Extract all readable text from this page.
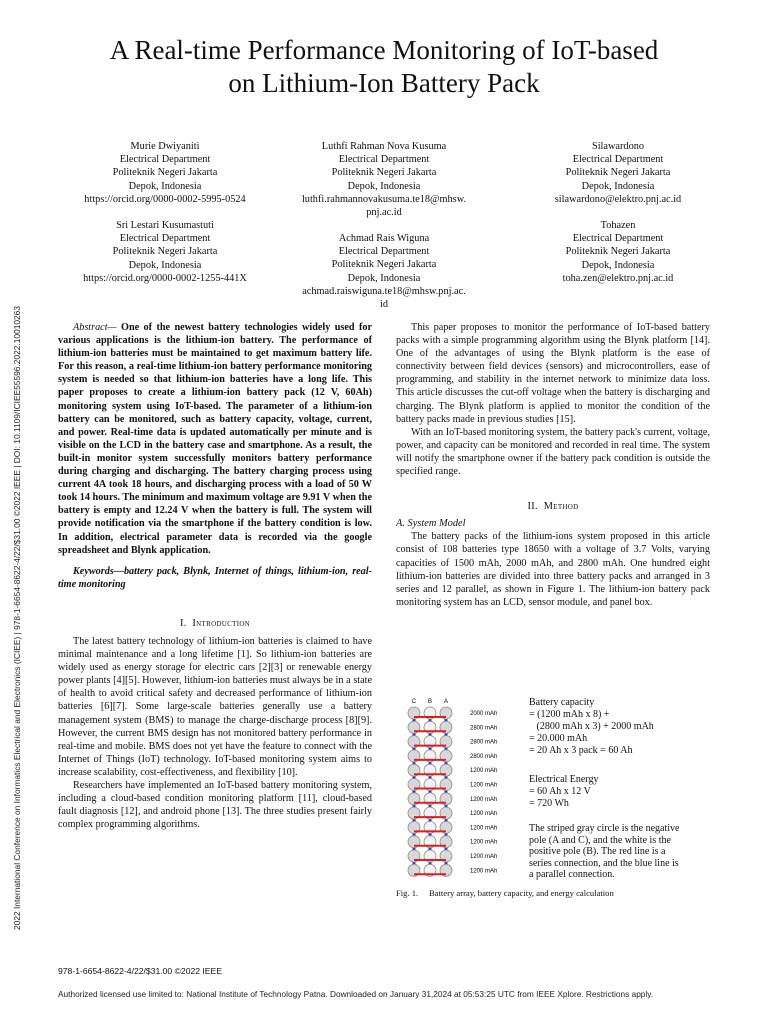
2022 International Conference on Informatics Electrical and Electronics (ICIEE) | 978-1-6654-8622-4/22/$31.00 ©2022 IEEE | DOI: 10.1109/ICIEE55596.2022.10010263
A Real-time Performance Monitoring of IoT-based
on Lithium-Ion Battery Pack
Murie Dwiyaniti
Electrical Department
Politeknik Negeri Jakarta
Depok, Indonesia
https://orcid.org/0000-0002-5995-0524
Luthfi Rahman Nova Kusuma
Electrical Department
Politeknik Negeri Jakarta
Depok, Indonesia
luthfi.rahmannovakusuma.te18@mhsw.
pnj.ac.id
Silawardono
Electrical Department
Politeknik Negeri Jakarta
Depok, Indonesia
silawardono@elektro.pnj.ac.id
Sri Lestari Kusumastuti
Electrical Department
Politeknik Negeri Jakarta
Depok, Indonesia
https://orcid.org/0000-0002-1255-441X
Achmad Rais Wiguna
Electrical Department
Politeknik Negeri Jakarta
Depok, Indonesia
achmad.raiswiguna.te18@mhsw.pnj.ac.
id
Tohazen
Electrical Department
Politeknik Negeri Jakarta
Depok, Indonesia
toha.zen@elektro.pnj.ac.id

Abstract— One of the newest battery technologies widely used for various applications is the lithium-ion battery. The performance of lithium-ion batteries must be maintained to get maximum battery life. For this reason, a real-time lithium-ion battery performance monitoring system is needed so that lithium-ion batteries have a long life. This paper proposes to create a lithium-ion battery pack (12 V, 60Ah) monitoring system using IoT-based. The parameter of a lithium-ion battery can be monitored, such as battery capacity, voltage, current, and power. Real-time data is updated automatically per minute and is visible on the LCD in the battery case and smartphone. As a result, the built-in monitor system successfully monitors battery performance during charging and discharging. The battery charging process using current 4A took 18 hours, and discharging process with a load of 50 W took 14 hours. The minimum and maximum voltage are 9.91 V when the battery is empty and 12.24 V when the battery is full. The system will provide notification via the smartphone if the battery condition is low. In addition, electrical parameter data is recorded via the google spreadsheet and Blynk application.

Keywords—battery pack, Blynk, Internet of things, lithium-ion, real-time monitoring

I. Introduction

The latest battery technology of lithium-ion batteries is claimed to have minimal maintenance and a long lifetime [1]. So lithium-ion batteries are widely used as energy storage for electric cars [2][3] or renewable energy power plants [4][5]. However, lithium-ion batteries must always be in a state of health to avoid critical safety and decreased performance of lithium-ion batteries [6][7]. Some large-scale batteries generally use a battery management system (BMS) to manage the charge-discharge process [8][9]. However, the current BMS design has not monitored battery performance in real-time and mobile. BMS does not yet have the feature to connect with the Internet of Things (IoT) technology. IoT-based monitoring system aims to increase scalability, cost-effectiveness, and flexibility [10].

Researchers have implemented an IoT-based battery monitoring system, including a cloud-based condition monitoring platform [11], cloud-based fault diagnosis [12], and android phone [13]. The three studies present fairly complex programming algorithms.

This paper proposes to monitor the performance of IoT-based battery packs with a simple programming algorithm using the Blynk platform [14]. One of the advantages of using the Blynk platform is the ease of connectivity between field devices (sensors) and microcontrollers, ease of programming, and stability in the internet network to minimize data loss. This article discusses the cut-off voltage when the battery is discharging and charging. The Blynk platform is applied to monitor the condition of the battery packs made in previous studies [15].

With an IoT-based monitoring system, the battery pack's current, voltage, power, and capacity can be monitored and recorded in real time. The system will notify the smartphone owner if the battery pack condition is outside the specified range.

II. Method
A. System Model

The battery packs of the lithium-ions system proposed in this article consist of 108 batteries type 18650 with a voltage of 3.7 Volts, varying capacities of 1500 mAh, 2000 mAh, and 2800 mAh. One hundred eight lithium-ion batteries are divided into three battery packs and arranged in 3 series and 12 parallel, as shown in Figure 1. The lithium-ion battery pack monitoring system has an LCD, sensor module, and panel box.

C B A
2000 mAh
2800 mAh
2800 mAh
2800 mAh
1200 mAh
1200 mAh
1200 mAh
1200 mAh
1200 mAh
1200 mAh
1200 mAh
1200 mAh
Battery capacity
= (1200 mAh x 8) +
(2800 mAh x 3) + 2000 mAh
= 20.000 mAh
= 20 Ah x 3 pack = 60 Ah
Electrical Energy
= 60 Ah x 12 V
= 720 Wh
The striped gray circle is the negative
pole (A and C), and the white is the
positive pole (B). The red line is a
series connection, and the blue line is
a parallel connection.
Fig. 1.     Battery array, battery capacity, and energy calculation
978-1-6654-8622-4/22/$31.00 ©2022 IEEE
Authorized licensed use limited to: National Institute of Technology Patna. Downloaded on January 31,2024 at 05:53:25 UTC from IEEE Xplore. Restrictions apply.
